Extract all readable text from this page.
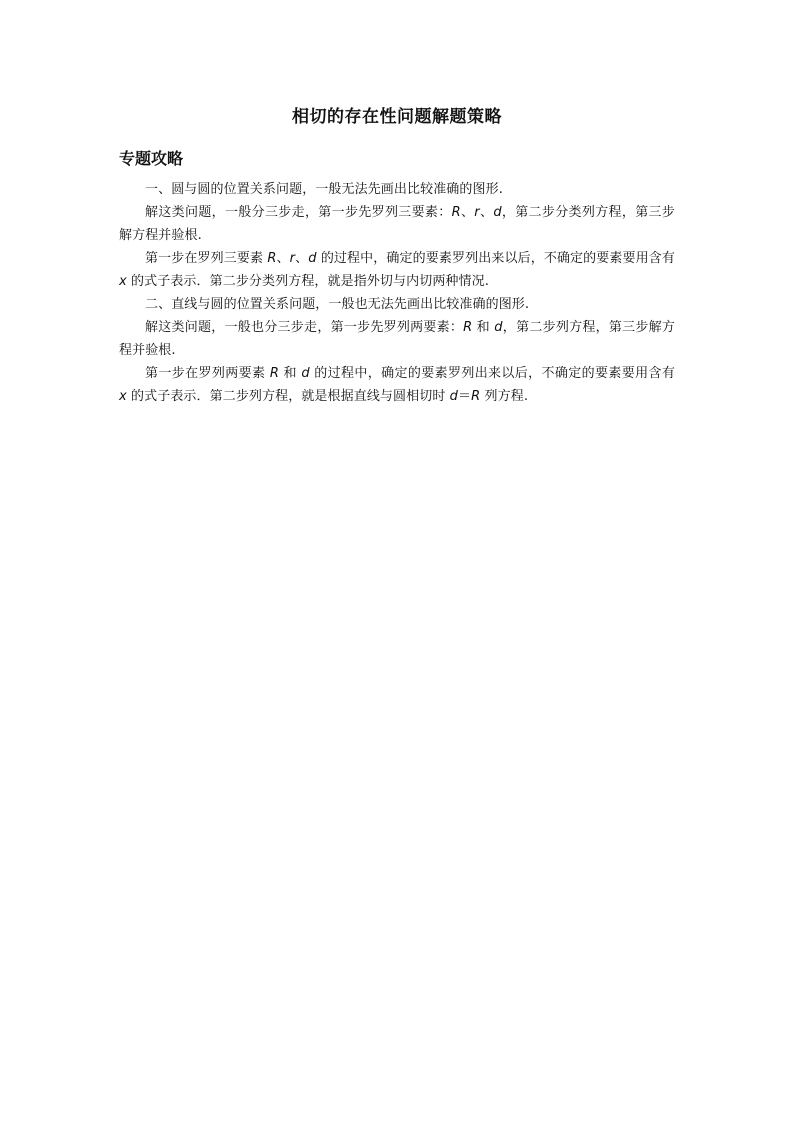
相切的存在性问题解题策略
专题攻略

一、圆与圆的位置关系问题，一般无法先画出比较准确的图形.

解这类问题，一般分三步走，第一步先罗列三要素：R、r、d，第二步分类列方程，第三步解方程并验根.

第一步在罗列三要素 R、r、d 的过程中，确定的要素罗列出来以后，不确定的要素要用含有 x 的式子表示．第二步分类列方程，就是指外切与内切两种情况.

二、直线与圆的位置关系问题，一般也无法先画出比较准确的图形.

解这类问题，一般也分三步走，第一步先罗列两要素：R 和 d，第二步列方程，第三步解方程并验根.

第一步在罗列两要素 R 和 d 的过程中，确定的要素罗列出来以后，不确定的要素要用含有 x 的式子表示．第二步列方程，就是根据直线与圆相切时 d＝R 列方程.
